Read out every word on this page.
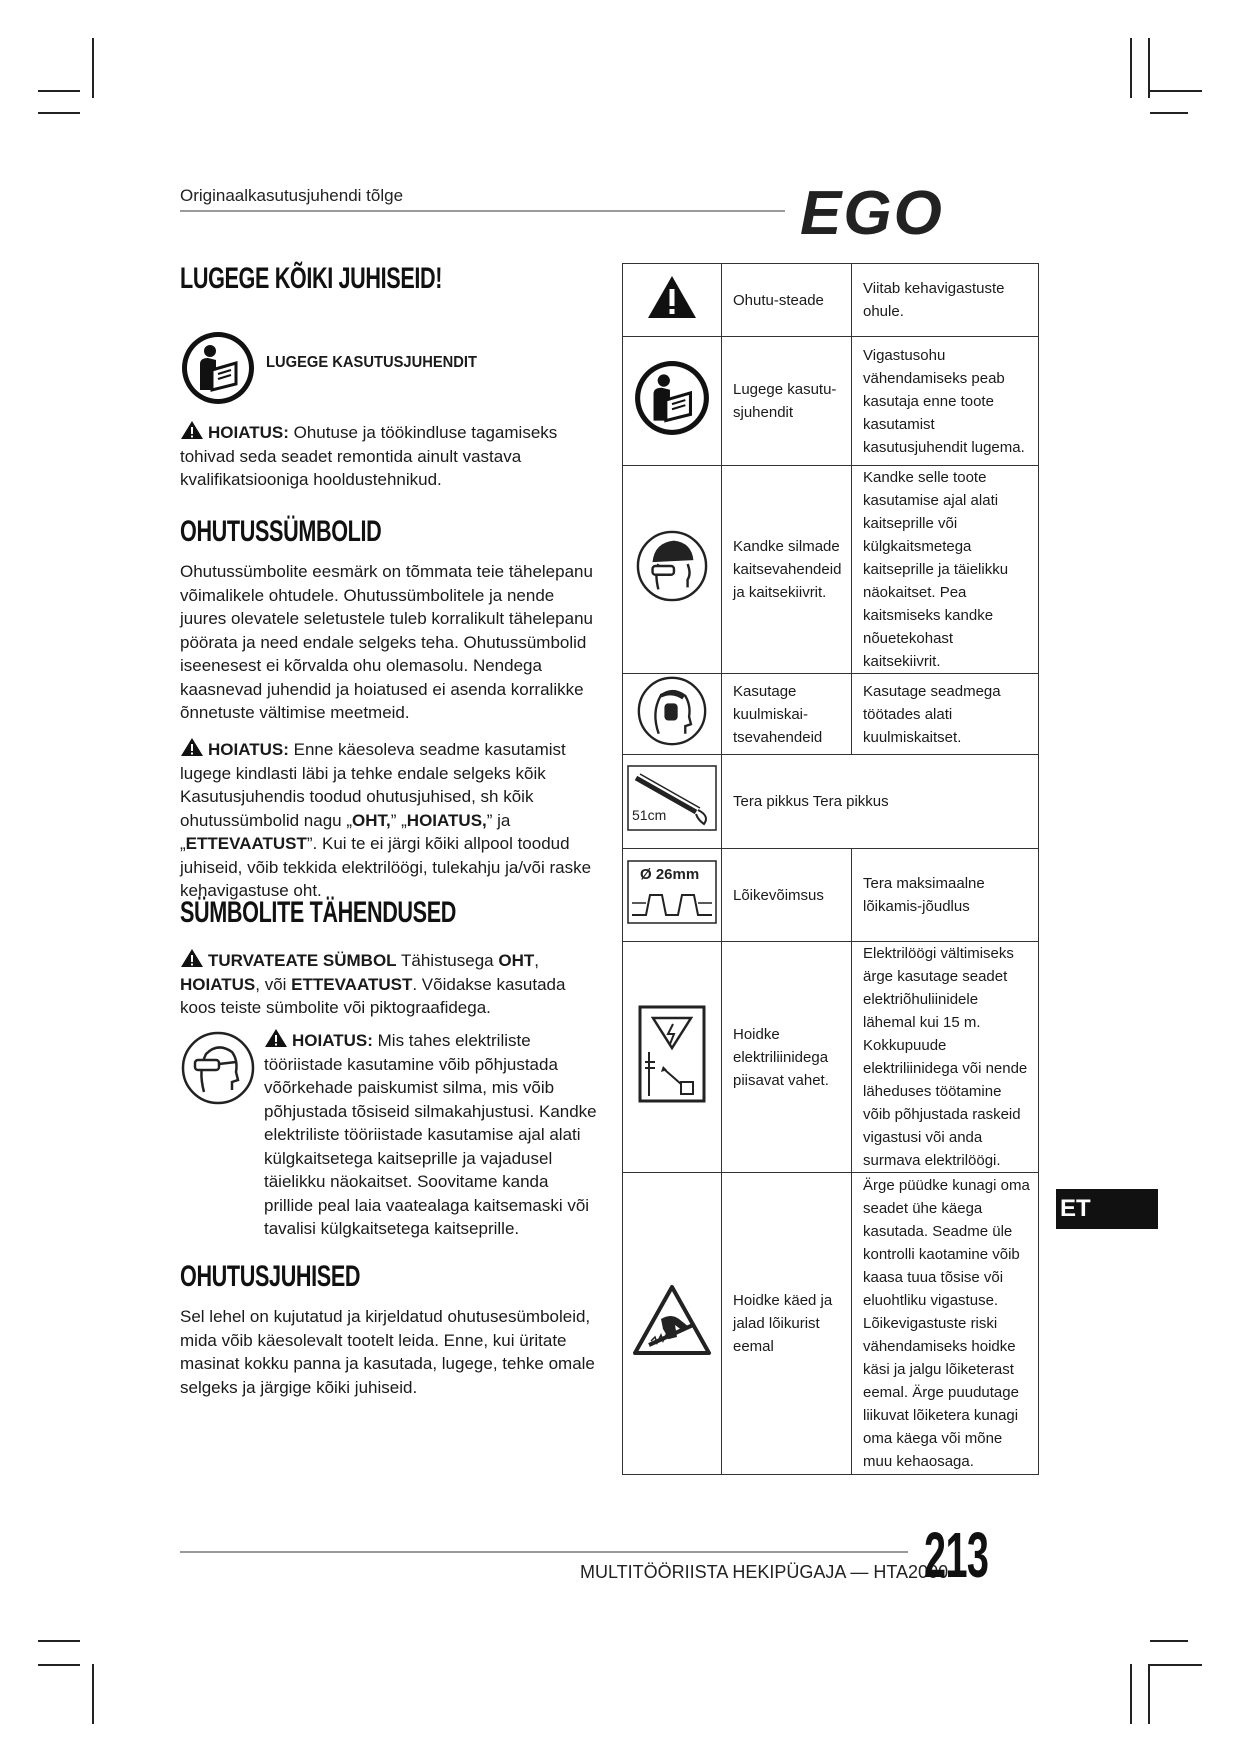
Originaalkasutusjuhendi tõlge	EGO
LUGEGE KÕIKI JUHISEID!
LUGEGE KASUTUSJUHENDIT
HOIATUS: Ohutuse ja töökindluse tagamiseks tohivad seda seadet remontida ainult vastava kvalifikatsiooniga hooldustehnikud.
OHUTUSSÜMBOLID
Ohutussümbolite eesmärk on tõmmata teie tähelepanu võimalikele ohtudele. Ohutussümbolitele ja nende juures olevatele seletustele tuleb korralikult tähelepanu pöörata ja need endale selgeks teha. Ohutussümbolid iseenesest ei kõrvalda ohu olemasolu. Nendega kaasnevad juhendid ja hoiatused ei asenda korralikke õnnetuste vältimise meetmeid.
HOIATUS: Enne käesoleva seadme kasutamist lugege kindlasti läbi ja tehke endale selgeks kõik Kasutusjuhendis toodud ohutusjuhised, sh kõik ohutussümbolid nagu „OHT,” „HOIATUS,” ja „ETTEVAATUST”. Kui te ei järgi kõiki allpool toodud juhiseid, võib tekkida elektrilöögi, tulekahju ja/või raske kehavigastuse oht.
SÜMBOLITE TÄHENDUSED
TURVATEATE SÜMBOL Tähistusega OHT, HOIATUS, või ETTEVAATUST. Võidakse kasutada koos teiste sümbolite või piktograafidega.
HOIATUS: Mis tahes elektriliste tööriistade kasutamine võib põhjustada võõrkehade paiskumist silma, mis võib põhjustada tõsiseid silmakahjustusi. Kandke elektriliste tööriistade kasutamise ajal alati külgkaitsetega kaitseprille ja vajadusel täielikku näokaitset. Soovitame kanda prillide peal laia vaatealaga kaitsemaski või tavalisi külgkaitsetega kaitseprille.
OHUTUSJUHISED
Sel lehel on kujutatud ja kirjeldatud ohutusesümboleid, mida võib käesolevalt tootelt leida. Enne, kui üritate masinat kokku panna ja kasutada, lugege, tehke omale selgeks ja järgige kõiki juhiseid.
	Ohutu-steade	Viitab kehavigastuste ohule.
	Lugege kasutu-sjuhendit	Vigastusohu vähendamiseks peab kasutaja enne toote kasutamist kasutusjuhendit lugema.
	Kandke silmade kaitsevahendeid ja kaitsekiivrit.	Kandke selle toote kasutamise ajal alati kaitseprille või külgkaitsmetega kaitseprille ja täielikku näokaitset. Pea kaitsmiseks kandke nõuetekohast kaitsekiivrit.
	Kasutage kuulmiskai-tsevahendeid	Kasutage seadmega töötades alati kuulmiskaitset.

51cm	Tera pikkus Tera pikkus	

Ø 26mm	Lõikevõimsus	Tera maksimaalne lõikamis-jõudlus
	Hoidke elektriliinidega piisavat vahet.	Elektrilöögi vältimiseks ärge kasutage seadet elektriõhuliinidele lähemal kui 15 m. Kokkupuude elektriliinidega või nende läheduses töötamine võib põhjustada raskeid vigastusi või anda surmava elektrilöögi.
	Hoidke käed ja jalad lõikurist eemal	Ärge püüdke kunagi oma seadet ühe käega kasutada. Seadme üle kontrolli kaotamine võib kaasa tuua tõsise või eluohtliku vigastuse. Lõikevigastuste riski vähendamiseks hoidke käsi ja jalgu lõiketerast eemal. Ärge puudutage liikuvat lõiketera kunagi oma käega või mõne muu kehaosaga.
ET
MULTITÖÖRIISTA HEKIPÜGAJA — HTA2000
213
